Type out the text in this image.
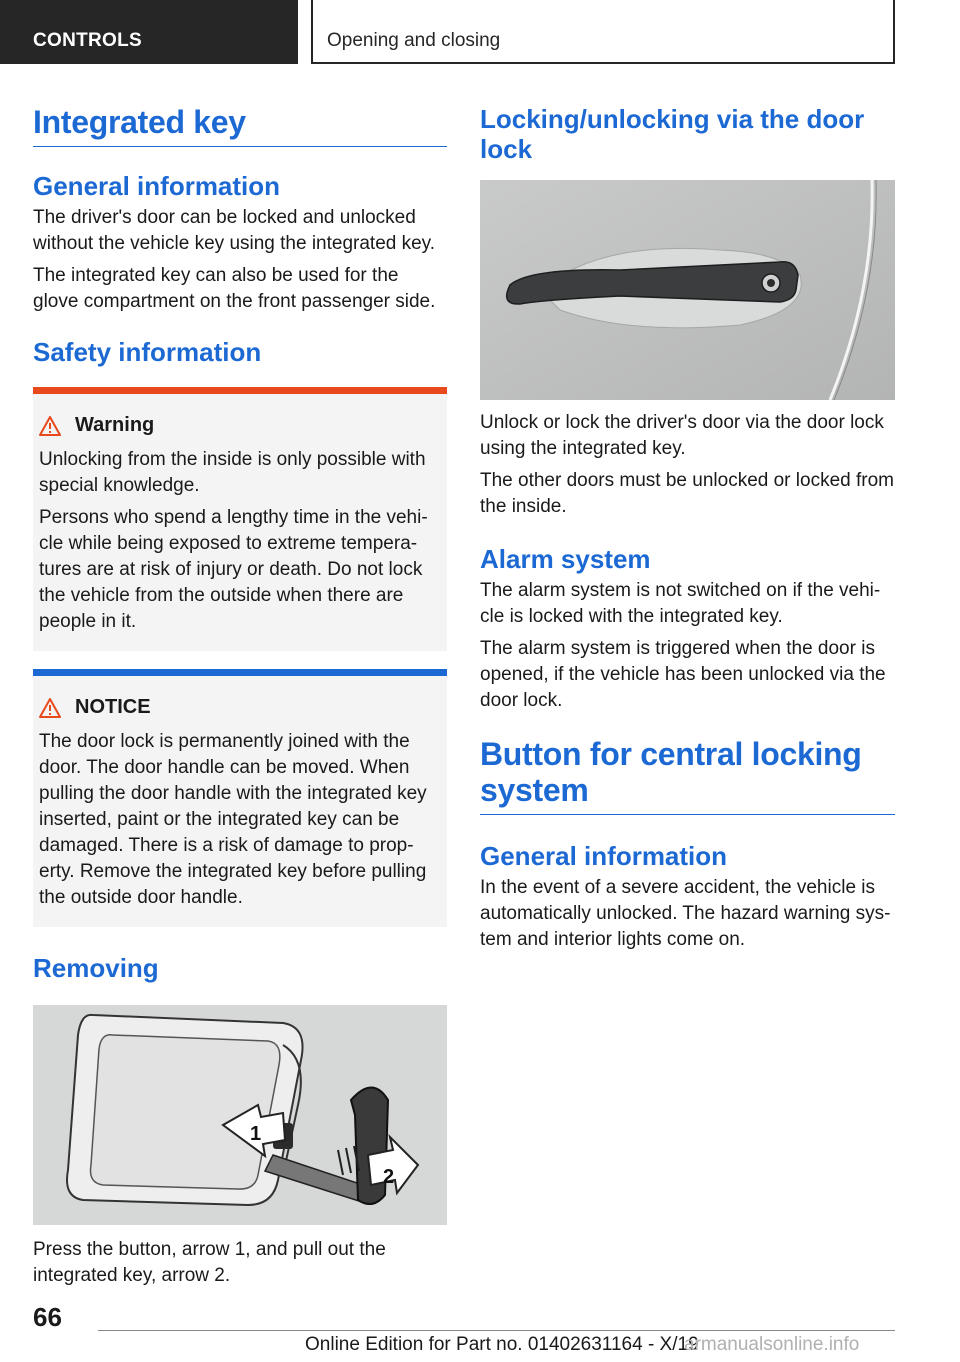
CONTROLS	Opening and closing
Integrated key
General information

The driver's door can be locked and unlocked without the vehicle key using the integrated key.

The integrated key can also be used for the glove compartment on the front passenger side.

Safety information
Warning

Unlocking from the inside is only possible with special knowledge.

Persons who spend a lengthy time in the vehicle while being exposed to extreme temperatures are at risk of injury or death. Do not lock the vehicle from the outside when there are people in it.

NOTICE

The door lock is permanently joined with the door. The door handle can be moved. When pulling the door handle with the integrated key inserted, paint or the integrated key can be damaged. There is a risk of damage to property. Remove the integrated key before pulling the outside door handle.

Removing
1
2

Press the button, arrow 1, and pull out the integrated key, arrow 2.

Locking/unlocking via the door lock

Unlock or lock the driver's door via the door lock using the integrated key.

The other doors must be unlocked or locked from the inside.

Alarm system

The alarm system is not switched on if the vehicle is locked with the integrated key.

The alarm system is triggered when the door is opened, if the vehicle has been unlocked via the door lock.

Button for central locking system
General information

In the event of a severe accident, the vehicle is automatically unlocked. The hazard warning system and interior lights come on.

66
Online Edition for Part no. 01402631164 - X/19
armanualsonline.info
